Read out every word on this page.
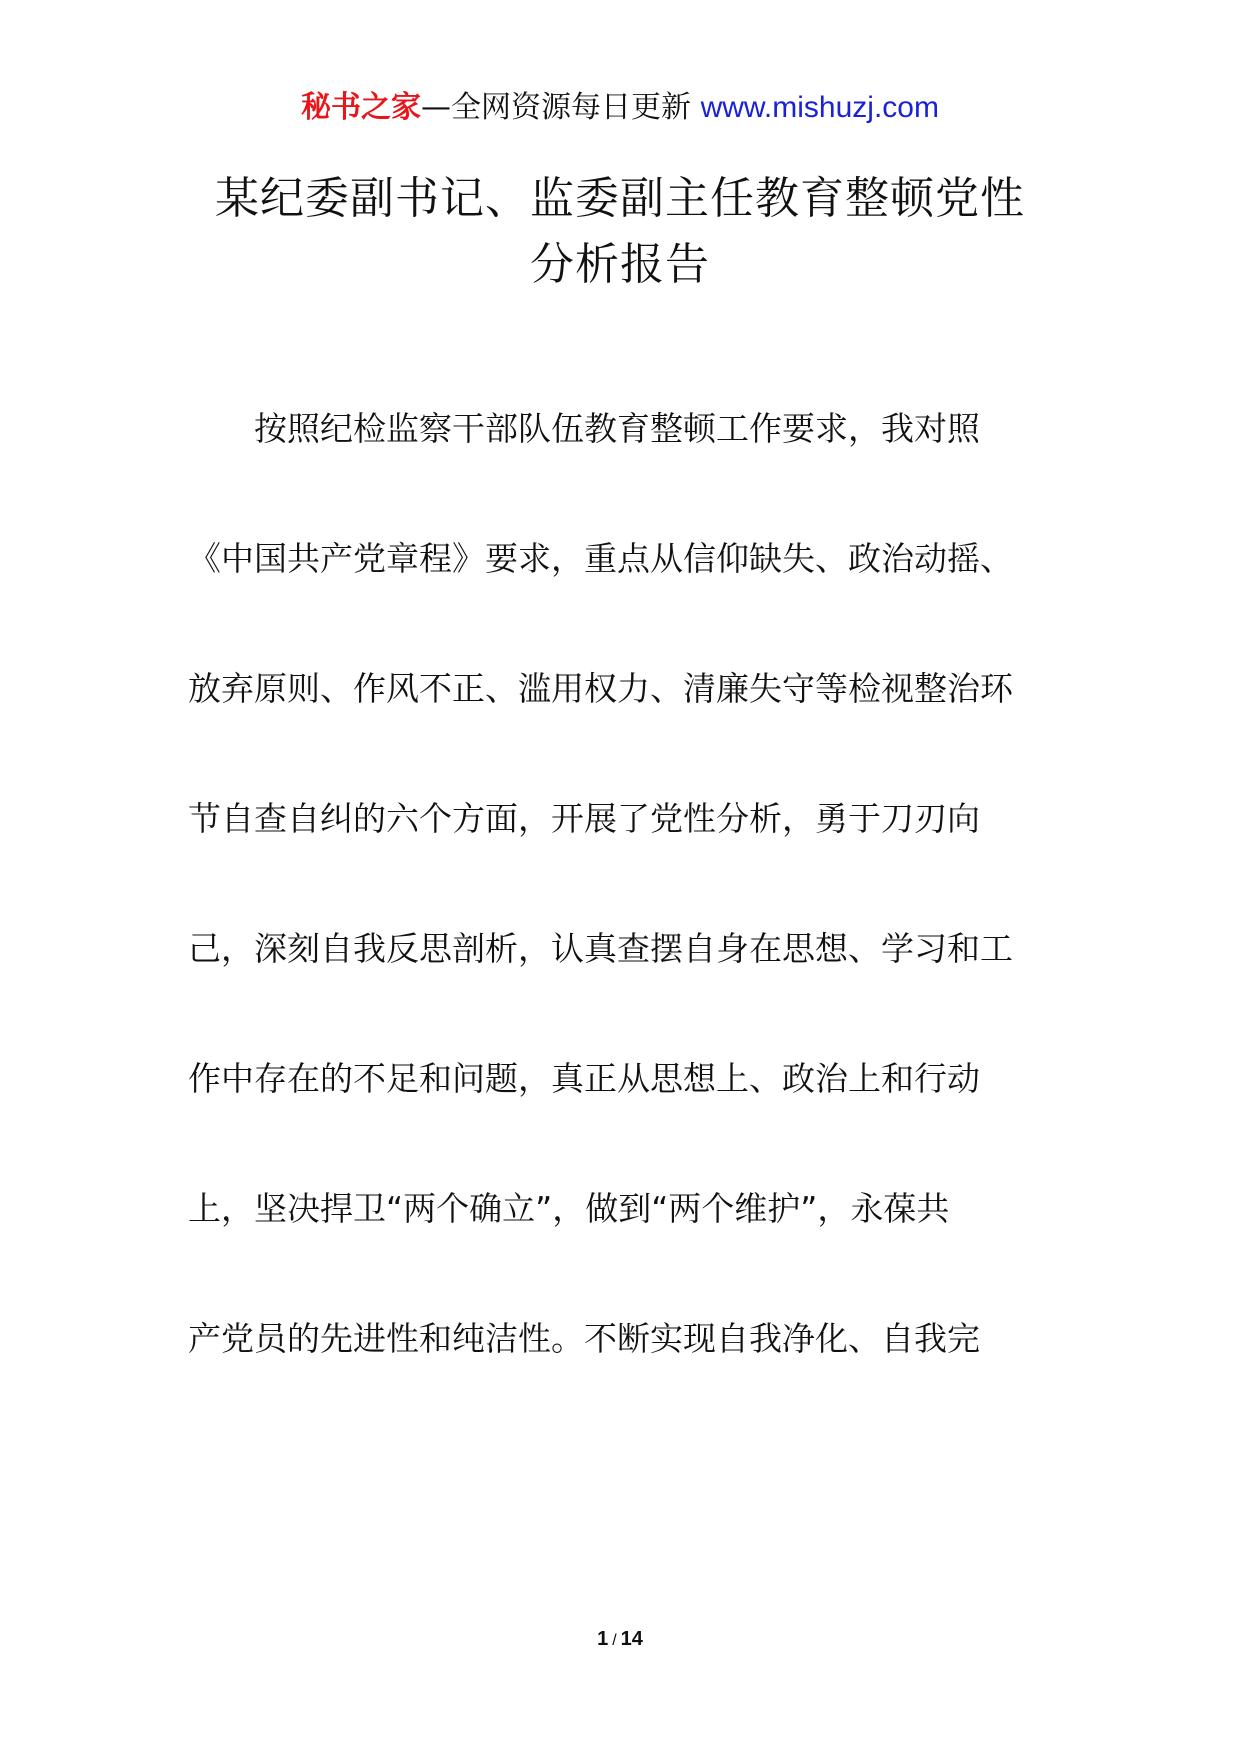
秘书之家—全网资源每日更新 www.mishuzj.com
某纪委副书记、监委副主任教育整顿党性
分析报告
按照纪检监察干部队伍教育整顿工作要求，我对照
《中国共产党章程》要求，重点从信仰缺失、政治动摇、
放弃原则、作风不正、滥用权力、清廉失守等检视整治环
节自查自纠的六个方面，开展了党性分析，勇于刀刃向
己，深刻自我反思剖析，认真查摆自身在思想、学习和工
作中存在的不足和问题，真正从思想上、政治上和行动
上，坚决捍卫“两个确立”，做到“两个维护”，永葆共
产党员的先进性和纯洁性。不断实现自我净化、自我完
1 / 14
